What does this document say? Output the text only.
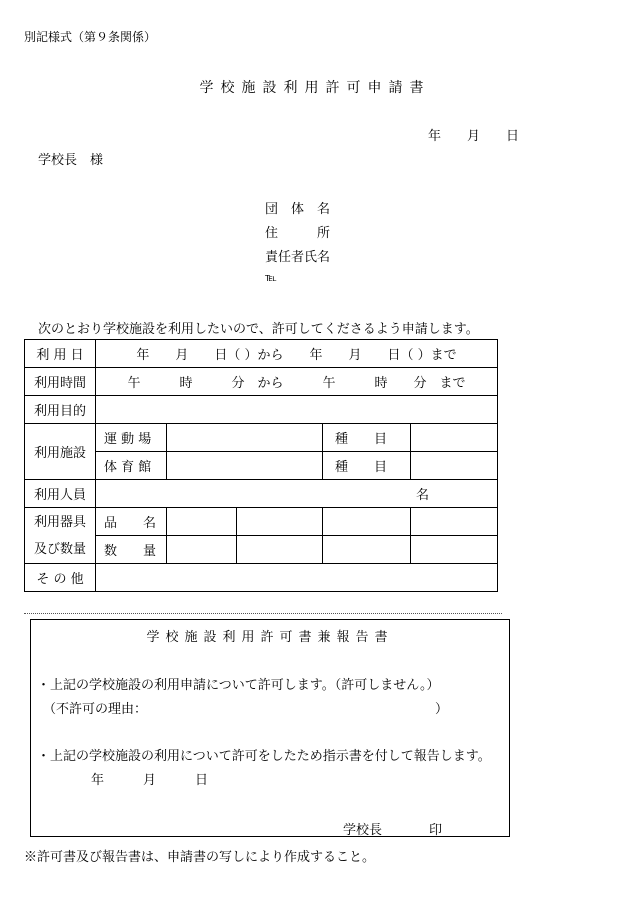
別記様式（第９条関係）
学校施設利用許可申請書
年　　月　　日
学校長　様
団　体　名
住　　　所
責任者氏名
℡
次のとおり学校施設を利用したいので、許可してくださるよう申請します。
利 用 日	年　　月　　日（ ）から　　年　　月　　日（ ）まで				
利用時間	午　　　時　　　分　から　　　午　　　時　　分　まで				
利用目的					
利用施設	運 動 場			種　　目	
	体 育 館			種　　目	
利用人員	名				

利用器具
及び数量	品　　名				
	数　　量				
そ の 他					
学校施設利用許可書兼報告書
・上記の学校施設の利用申請について許可します。（許可しません。）
（不許可の理由：	）
・上記の学校施設の利用について許可をしたため指示書を付して報告します。
年　　　月　　　日
学校長	印
※許可書及び報告書は、申請書の写しにより作成すること。
